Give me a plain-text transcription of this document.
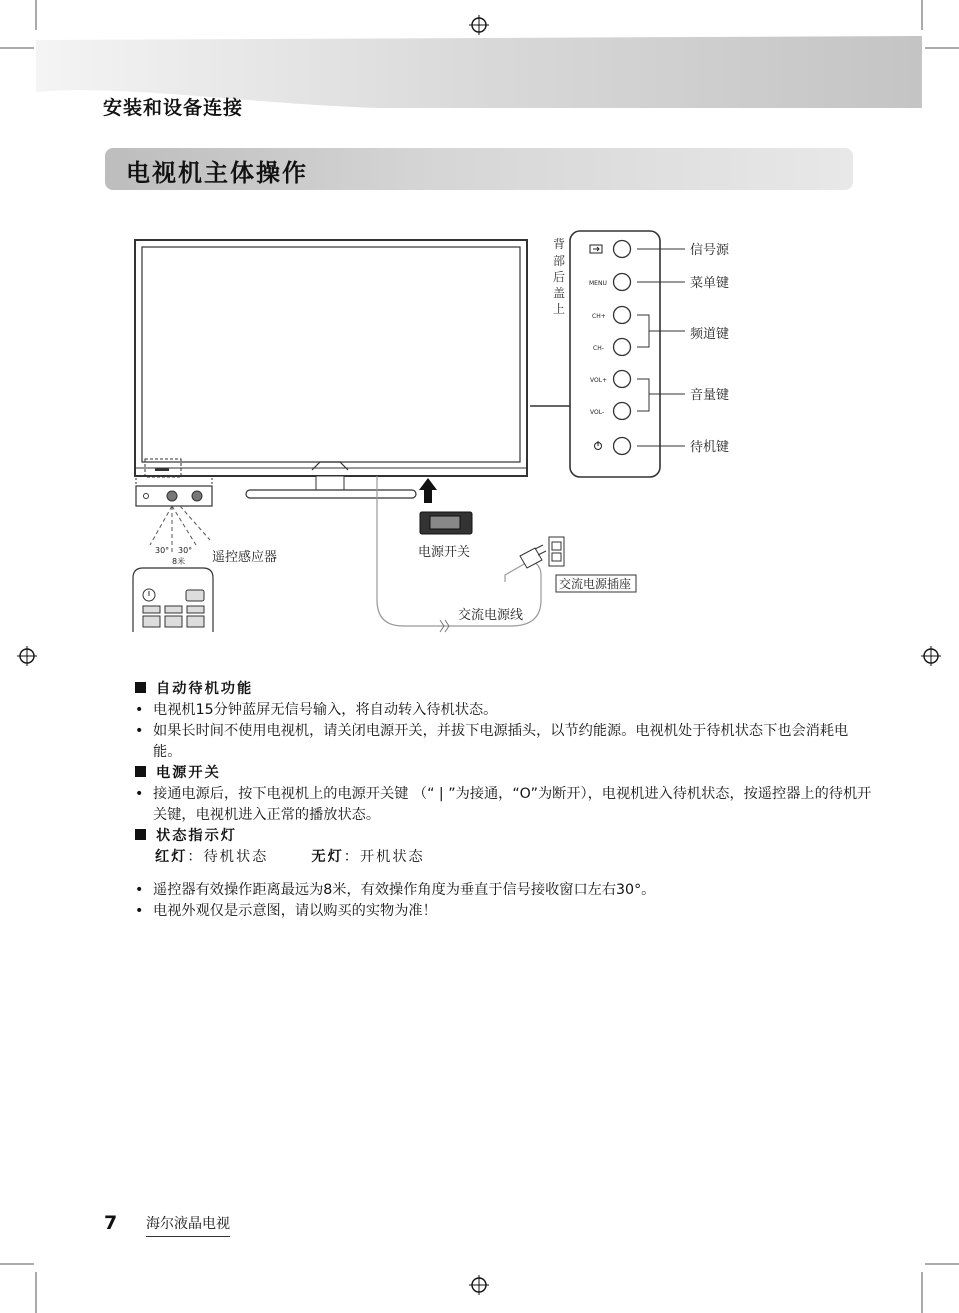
安装和设备连接
电视机主体操作
30° 30°
8米 遥控感应器	电源开关
交流电源线
交流电源插座
背
部
后
盖
上
MENU
CH+
CH-
VOL+
VOL-
信号源
菜单键
频道键
音量键
待机键
自动待机功能
• 电视机15分钟蓝屏无信号输入，将自动转入待机状态。
• 如果长时间不使用电视机，请关闭电源开关，并拔下电源插头，以节约能源。电视机处于待机状态下也会消耗电能。
电源开关
• 接通电源后，按下电视机上的电源开关键 （“ | ”为接通，“O”为断开），电视机进入待机状态，按遥控器上的待机开关键，电视机进入正常的播放状态。
状态指示灯
红灯：待机状态	无灯：开机状态
• 遥控器有效操作距离最远为8米，有效操作角度为垂直于信号接收窗口左右30°。
• 电视外观仅是示意图，请以购买的实物为准！
7 海尔液晶电视
